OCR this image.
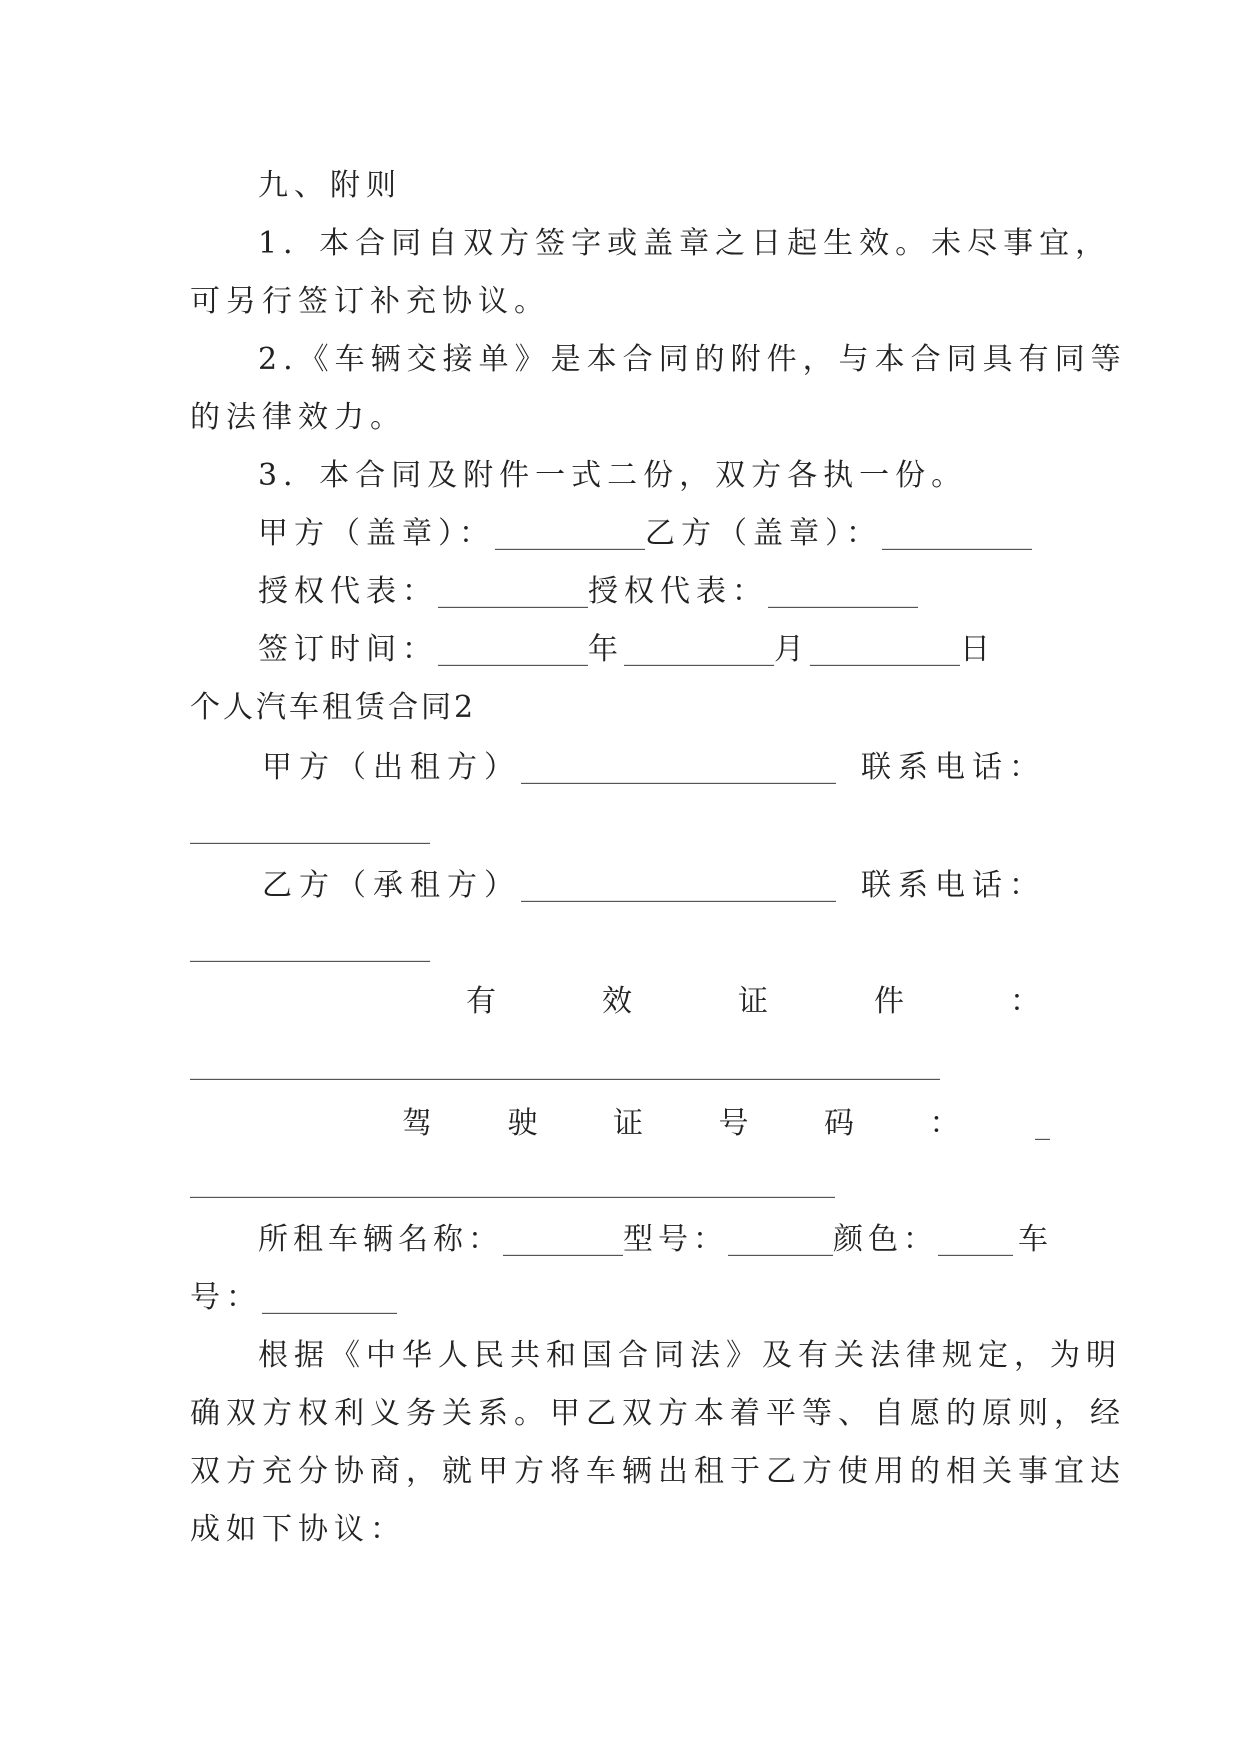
九、附则
1．本合同自双方签字或盖章之日起生效。未尽事宜，
可另行签订补充协议。
2.《车辆交接单》是本合同的附件，与本合同具有同等
的法律效力。
3．本合同及附件一式二份，双方各执一份。
甲方（盖章）：__________乙方（盖章）：__________
授权代表：__________授权代表：__________
签订时间：__________年__________月__________日
个人汽车租赁合同2
甲方（出租方）_____________________ 联系电话：
________________
乙方（承租方）_____________________ 联系电话：
________________
有	效	证	件	：
__________________________________________________
驾	驶	证	号	码	：	_
___________________________________________
所租车辆名称：________型号：_______颜色：_____ 车
号：_________
根据《中华人民共和国合同法》及有关法律规定，为明
确双方权利义务关系。甲乙双方本着平等、自愿的原则，经
双方充分协商，就甲方将车辆出租于乙方使用的相关事宜达
成如下协议：
